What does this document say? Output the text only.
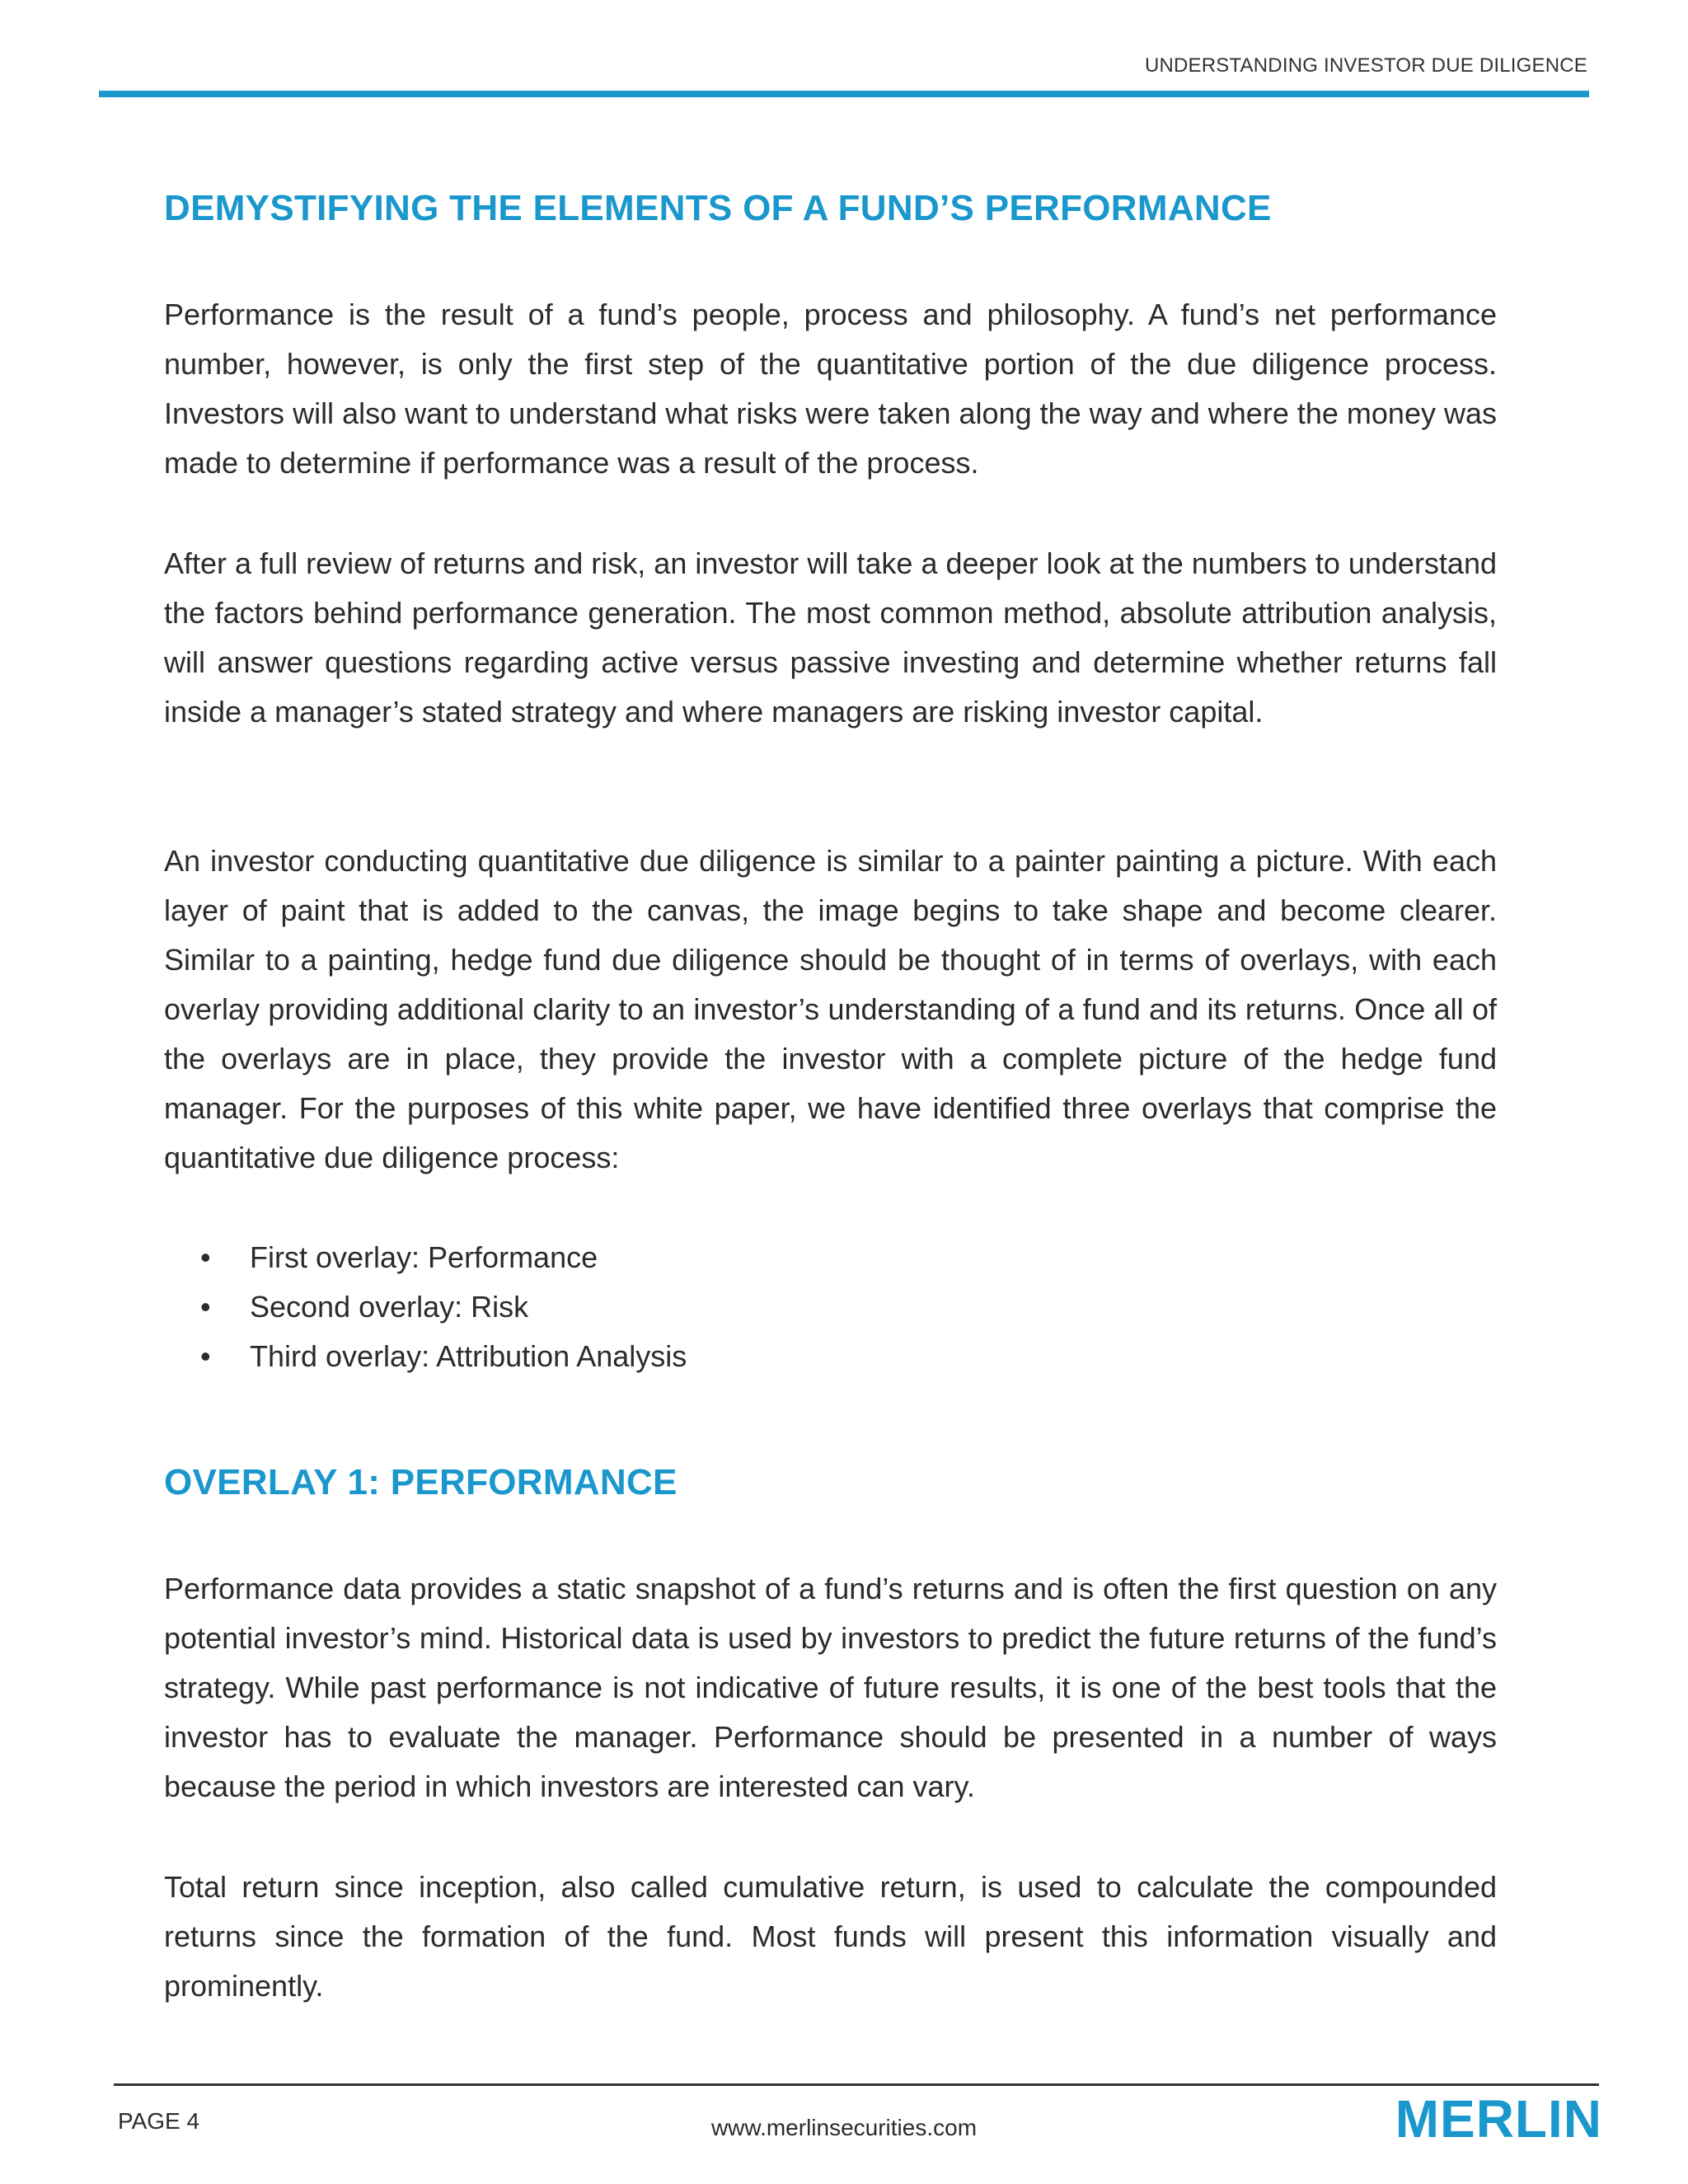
UNDERSTANDING INVESTOR DUE DILIGENCE
DEMYSTIFYING THE ELEMENTS OF A FUND’S PERFORMANCE

Performance is the result of a fund’s people, process and philosophy. A fund’s net performance number, however, is only the first step of the quantitative portion of the due diligence process. Investors will also want to understand what risks were taken along the way and where the money was made to determine if performance was a result of the process.

After a full review of returns and risk, an investor will take a deeper look at the numbers to understand the factors behind performance generation. The most common method, absolute attribution analysis, will answer questions regarding active versus passive investing and determine whether returns fall inside a manager’s stated strategy and where managers are risking investor capital.

An investor conducting quantitative due diligence is similar to a painter painting a picture. With each layer of paint that is added to the canvas, the image begins to take shape and become clearer. Similar to a painting, hedge fund due diligence should be thought of in terms of overlays, with each overlay providing additional clarity to an investor’s understanding of a fund and its returns. Once all of the overlays are in place, they provide the investor with a complete picture of the hedge fund manager. For the purposes of this white paper, we have identified three overlays that comprise the quantitative due diligence process:

• First overlay: Performance
• Second overlay: Risk
• Third overlay: Attribution Analysis
OVERLAY 1: PERFORMANCE

Performance data provides a static snapshot of a fund’s returns and is often the first question on any potential investor’s mind. Historical data is used by investors to predict the future returns of the fund’s strategy. While past performance is not indicative of future results, it is one of the best tools that the investor has to evaluate the manager. Performance should be presented in a number of ways because the period in which investors are interested can vary.

Total return since inception, also called cumulative return, is used to calculate the compounded returns since the formation of the fund. Most funds will present this information visually and prominently.

PAGE 4	www.merlinsecurities.com	MERLIN
